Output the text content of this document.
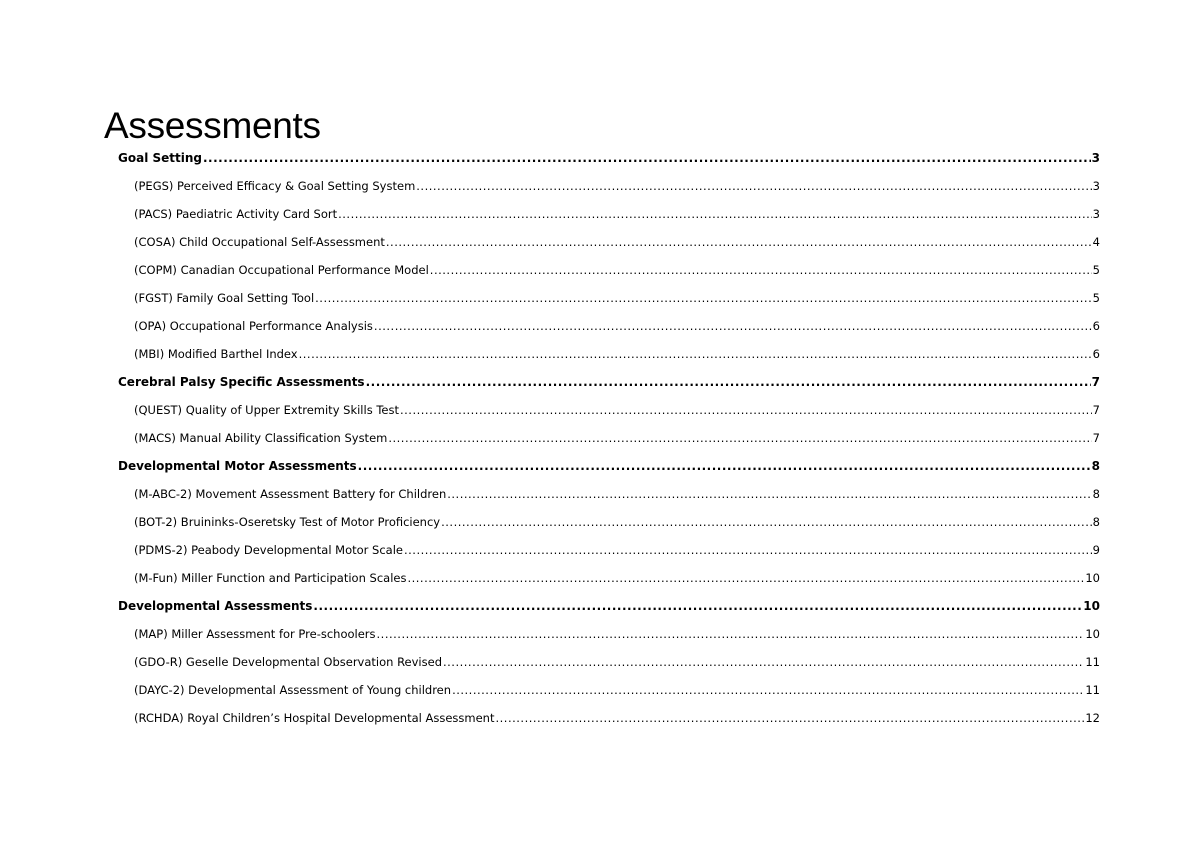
Assessments
Goal Setting .....	3
(PEGS) Perceived Efficacy & Goal Setting System .....	3
(PACS) Paediatric Activity Card Sort .....	3
(COSA) Child Occupational Self-Assessment .....	4
(COPM) Canadian Occupational Performance Model .....	5
(FGST) Family Goal Setting Tool .....	5
(OPA) Occupational Performance Analysis .....	6
(MBI) Modified Barthel Index .....	6
Cerebral Palsy Specific Assessments .....	7
(QUEST) Quality of Upper Extremity Skills Test .....	7
(MACS) Manual Ability Classification System .....	7
Developmental Motor Assessments .....	8
(M-ABC-2) Movement Assessment Battery for Children .....	8
(BOT-2) Bruininks-Oseretsky Test of Motor Proficiency .....	8
(PDMS-2) Peabody Developmental Motor Scale .....	9
(M-Fun) Miller Function and Participation Scales .....	10
Developmental Assessments .....	10
(MAP) Miller Assessment for Pre-schoolers .....	10
(GDO-R) Geselle Developmental Observation Revised .....	11
(DAYC-2) Developmental Assessment of Young children .....	11
(RCHDA) Royal Children’s Hospital Developmental Assessment .....	12
